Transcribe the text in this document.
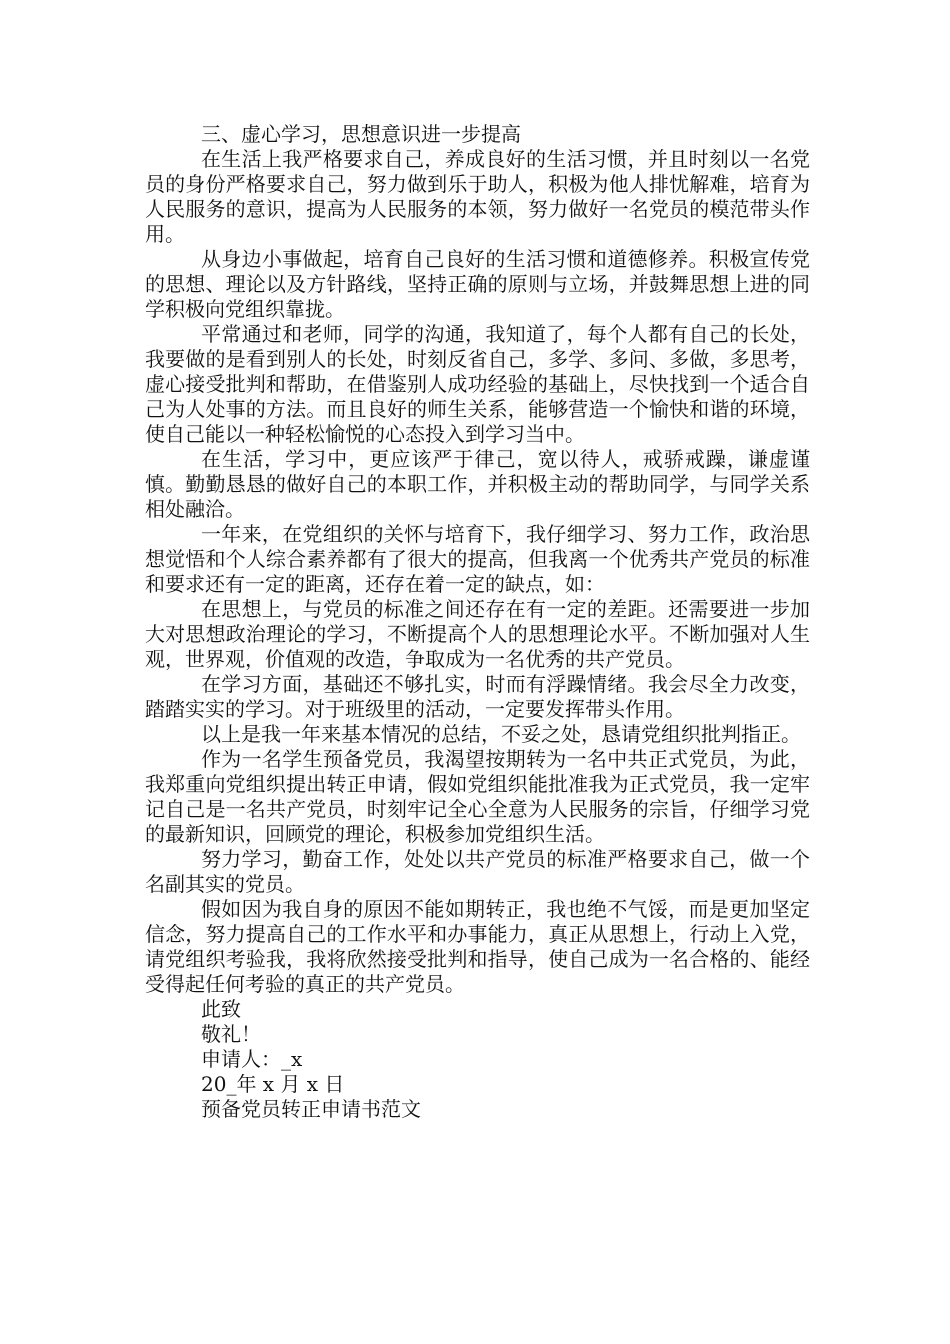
三、虚心学习，思想意识进一步提高

在生活上我严格要求自己，养成良好的生活习惯，并且时刻以一名党员的身份严格要求自己，努力做到乐于助人，积极为他人排忧解难，培育为人民服务的意识，提高为人民服务的本领，努力做好一名党员的模范带头作用。

从身边小事做起，培育自己良好的生活习惯和道德修养。积极宣传党的思想、理论以及方针路线，坚持正确的原则与立场，并鼓舞思想上进的同学积极向党组织靠拢。

平常通过和老师，同学的沟通，我知道了，每个人都有自己的长处，我要做的是看到别人的长处，时刻反省自己，多学、多问、多做，多思考，虚心接受批判和帮助，在借鉴别人成功经验的基础上，尽快找到一个适合自己为人处事的方法。而且良好的师生关系，能够营造一个愉快和谐的环境，使自己能以一种轻松愉悦的心态投入到学习当中。

在生活，学习中，更应该严于律己，宽以待人，戒骄戒躁，谦虚谨慎。勤勤恳恳的做好自己的本职工作，并积极主动的帮助同学，与同学关系相处融洽。

一年来，在党组织的关怀与培育下，我仔细学习、努力工作，政治思想觉悟和个人综合素养都有了很大的提高，但我离一个优秀共产党员的标准和要求还有一定的距离，还存在着一定的缺点，如：

在思想上，与党员的标准之间还存在有一定的差距。还需要进一步加大对思想政治理论的学习，不断提高个人的思想理论水平。不断加强对人生观，世界观，价值观的改造，争取成为一名优秀的共产党员。

在学习方面，基础还不够扎实，时而有浮躁情绪。我会尽全力改变，踏踏实实的学习。对于班级里的活动，一定要发挥带头作用。

以上是我一年来基本情况的总结，不妥之处，恳请党组织批判指正。

作为一名学生预备党员，我渴望按期转为一名中共正式党员，为此，我郑重向党组织提出转正申请，假如党组织能批准我为正式党员，我一定牢记自己是一名共产党员，时刻牢记全心全意为人民服务的宗旨，仔细学习党的最新知识，回顾党的理论，积极参加党组织生活。

努力学习，勤奋工作，处处以共产党员的标准严格要求自己，做一个名副其实的党员。

假如因为我自身的原因不能如期转正，我也绝不气馁，而是更加坚定信念，努力提高自己的工作水平和办事能力，真正从思想上，行动上入党，请党组织考验我，我将欣然接受批判和指导，使自己成为一名合格的、能经受得起任何考验的真正的共产党员。

此致

敬礼！

申请人：_x

20_年 x 月 x 日

预备党员转正申请书范文
